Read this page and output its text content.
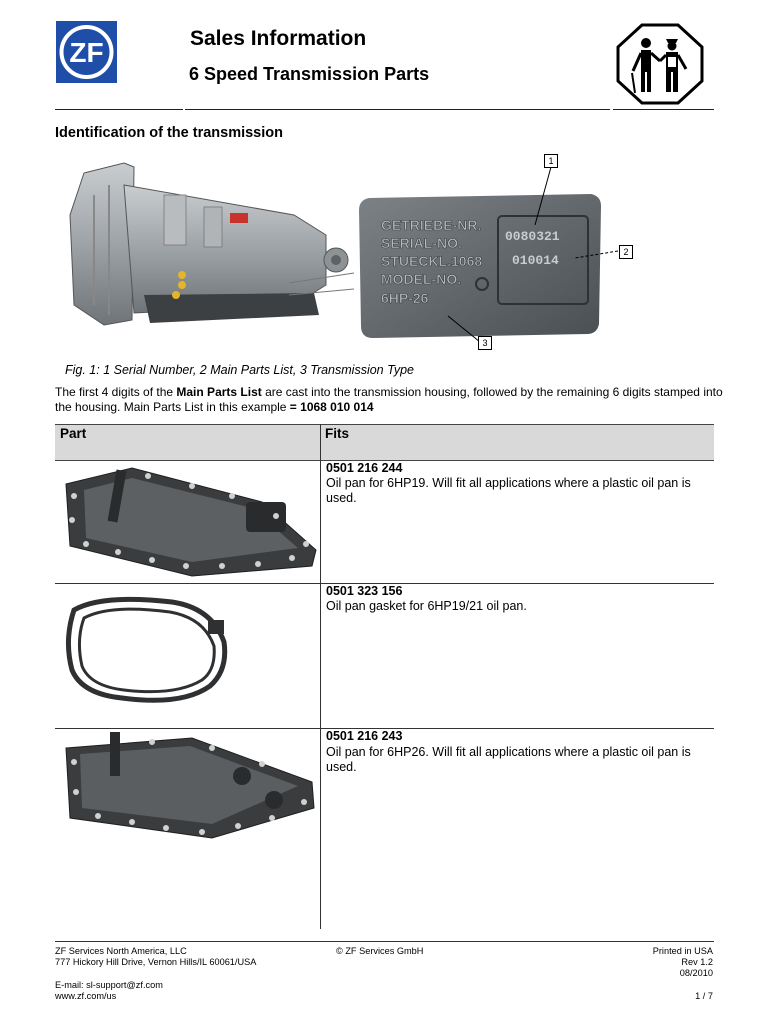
ZF	Sales Information
6 Speed Transmission Parts
Identification of the transmission
GETRIEBE-NR.
SERIAL-NO.
STUECKL.1068
MODEL-NO.
6HP-26
0080321
010014
1
2
3
Fig. 1: 1 Serial Number, 2 Main Parts List, 3 Transmission Type
The first 4 digits of the Main Parts List are cast into the transmission housing, followed by the remaining 6 digits stamped into the housing. Main Parts List in this example = 1068 010 014
Part	Fits
0501 216 244
Oil pan for 6HP19. Will fit all applications where a plastic oil pan is used.
0501 323 156
Oil pan gasket for 6HP19/21 oil pan.
0501 216 243
Oil pan for 6HP26. Will fit all applications where a plastic oil pan is used.
ZF Services North America, LLC
777 Hickory Hill Drive, Vernon Hills/IL 60061/USA
E-mail: sl-support@zf.com
www.zf.com/us
© ZF Services GmbH	Printed in USA
Rev 1.2
08/2010
1 / 7
